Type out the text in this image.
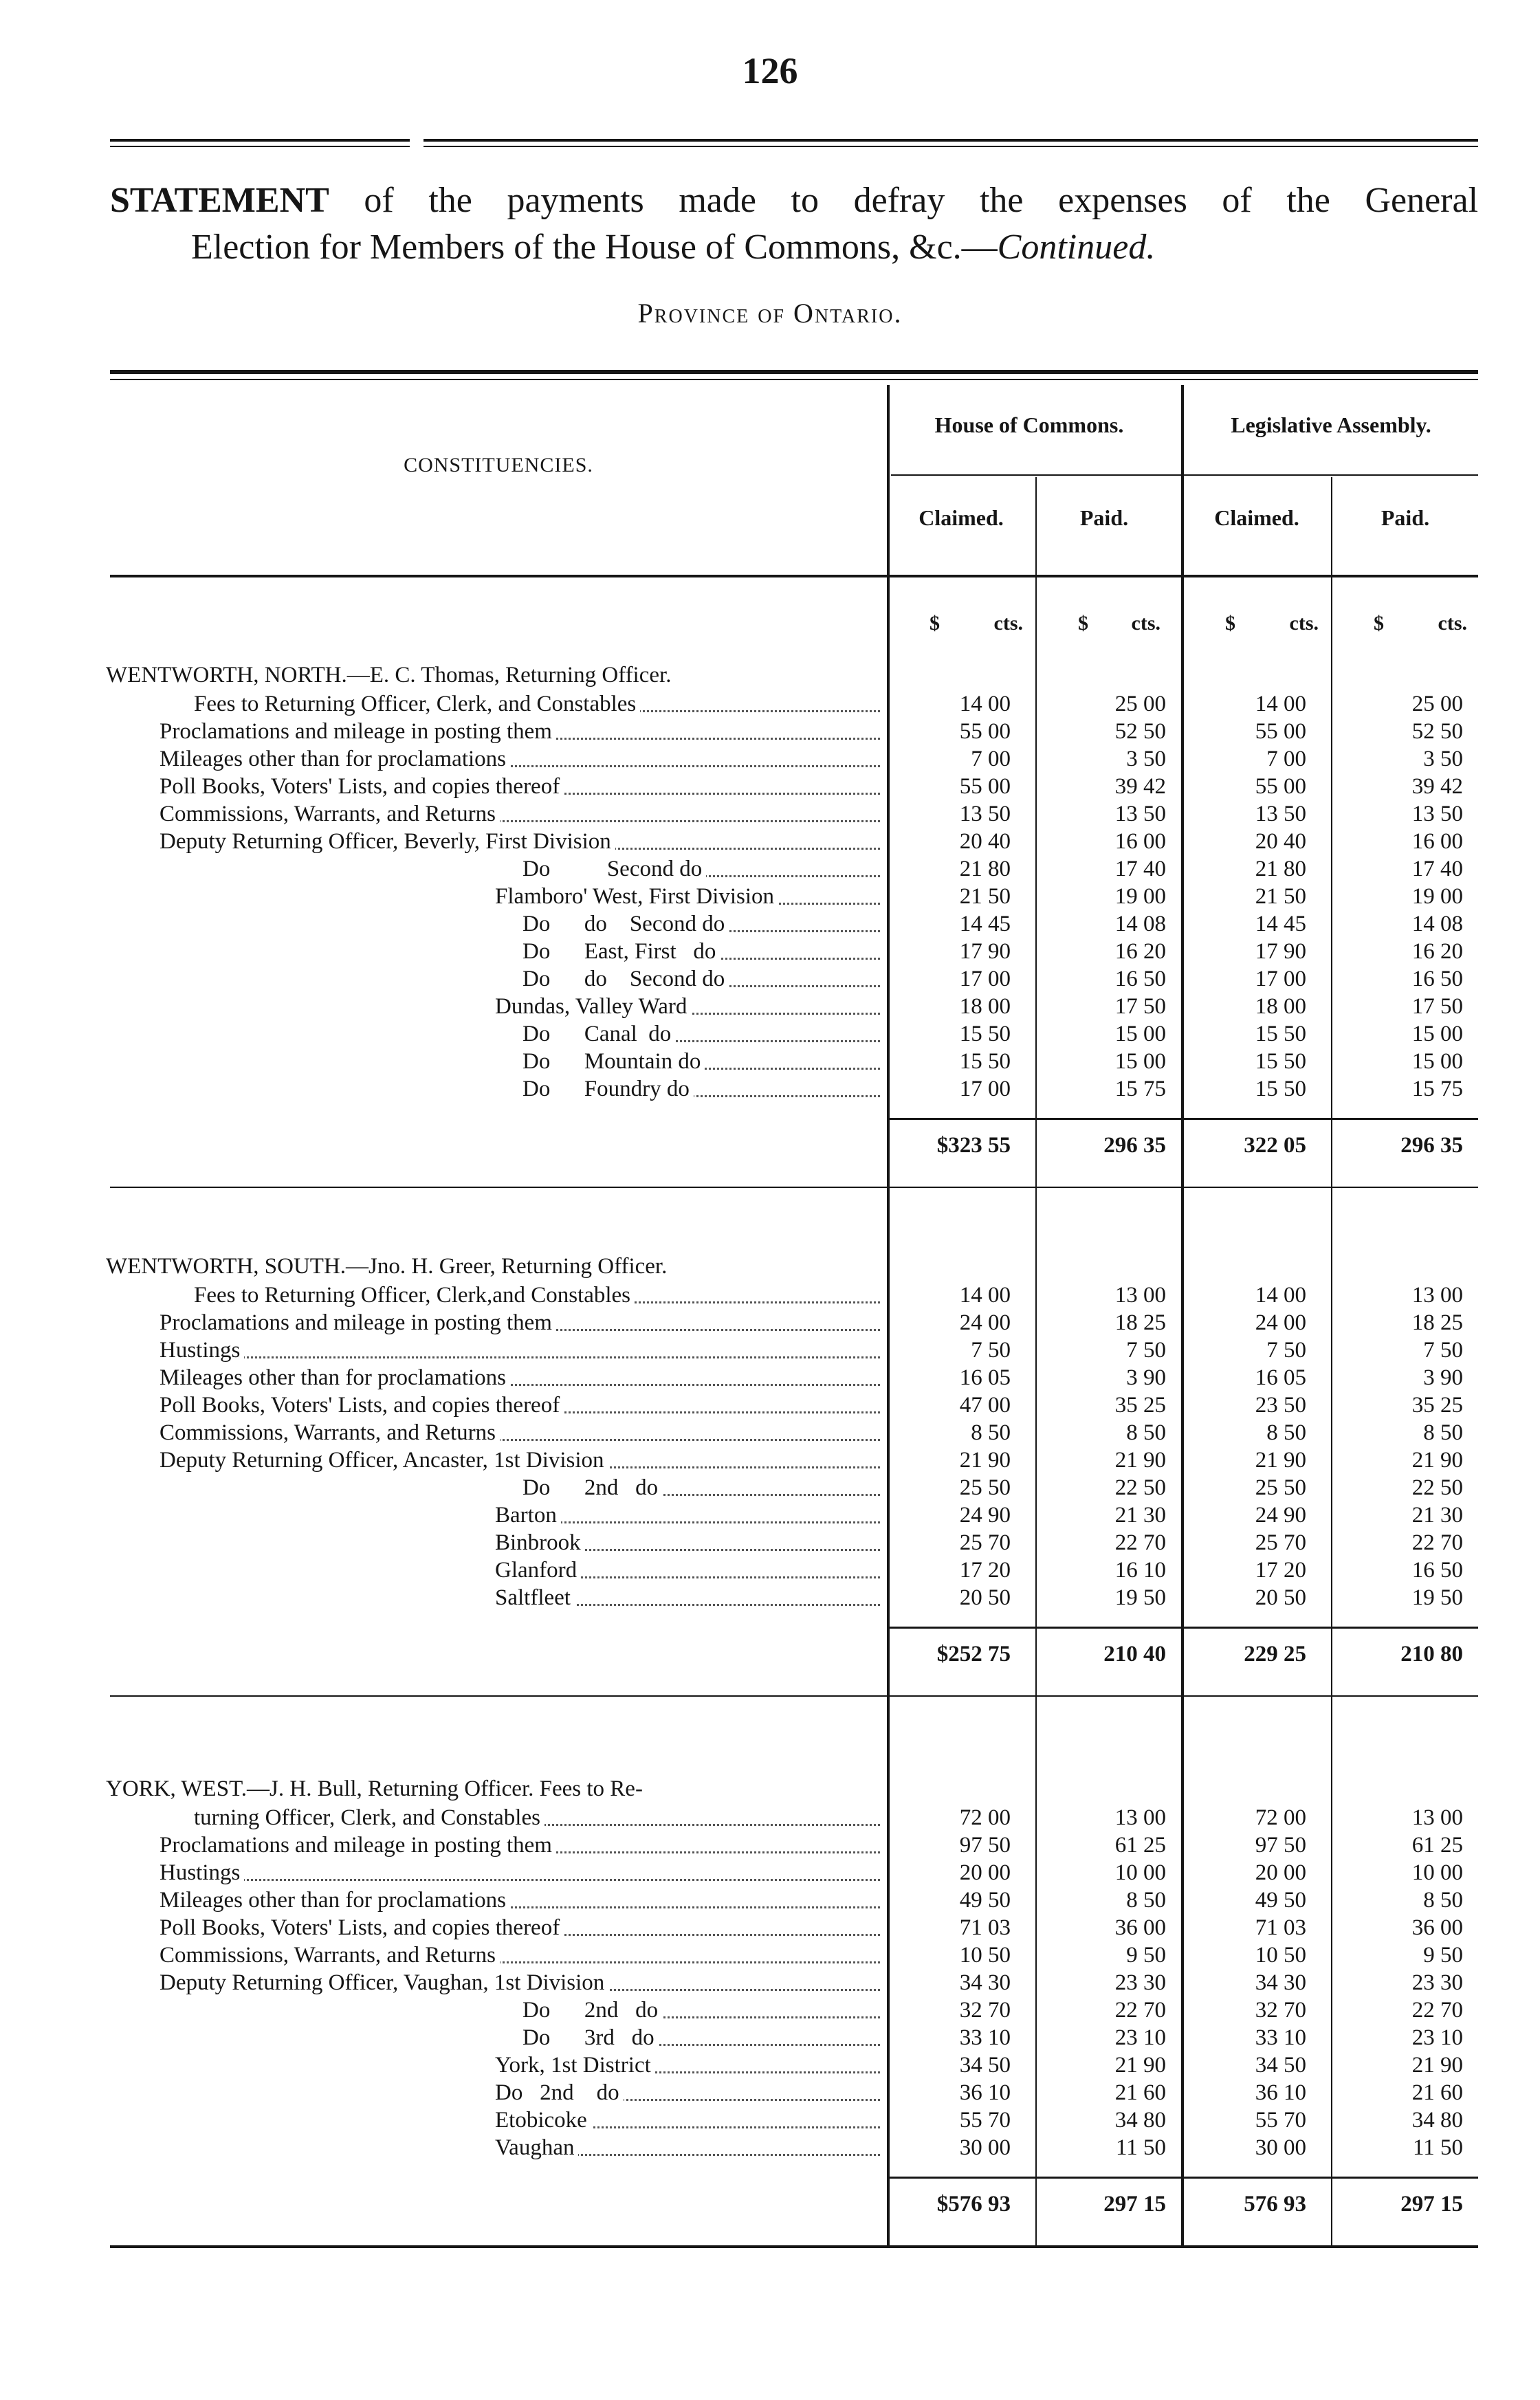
126
STATEMENT of the payments made to defray the expenses of the General
Election for Members of the House of Commons, &c.—Continued.
Province of Ontario.
CONSTITUENCIES.
House of Commons.	Legislative Assembly.
Claimed.	Paid.	Claimed.	Paid.
$	cts.	$ cts.	$	cts.	$	cts.
WENTWORTH, NORTH.—E. C. Thomas, Returning Officer.
Fees to Returning Officer, Clerk, and Constables	14 00	25 00	14 00	25 00
Proclamations and mileage in posting them	55 00	52 50	55 00	52 50
Mileages other than for proclamations	7 00	3 50	7 00	3 50
Poll Books, Voters' Lists, and copies thereof	55 00	39 42	55 00	39 42
Commissions, Warrants, and Returns	13 50	13 50	13 50	13 50
Deputy Returning Officer, Beverly, First Division	20 40	16 00	20 40	16 00
Do          Second do	21 80	17 40	21 80	17 40
Flamboro' West, First Division	21 50	19 00	21 50	19 00
Do      do    Second do	14 45	14 08	14 45	14 08
Do      East, First   do	17 90	16 20	17 90	16 20
Do      do    Second do	17 00	16 50	17 00	16 50
Dundas, Valley Ward	18 00	17 50	18 00	17 50
Do      Canal  do	15 50	15 00	15 50	15 00
Do      Mountain do	15 50	15 00	15 50	15 00
Do      Foundry do	17 00	15 75	15 50	15 75
$323 55	296 35	322 05	296 35
WENTWORTH, SOUTH.—Jno. H. Greer, Returning Officer.
Fees to Returning Officer, Clerk,and Constables	14 00	13 00	14 00	13 00
Proclamations and mileage in posting them	24 00	18 25	24 00	18 25
Hustings	7 50	7 50	7 50	7 50
Mileages other than for proclamations	16 05	3 90	16 05	3 90
Poll Books, Voters' Lists, and copies thereof	47 00	35 25	23 50	35 25
Commissions, Warrants, and Returns	8 50	8 50	8 50	8 50
Deputy Returning Officer, Ancaster, 1st Division	21 90	21 90	21 90	21 90
Do      2nd   do	25 50	22 50	25 50	22 50
Barton	24 90	21 30	24 90	21 30
Binbrook	25 70	22 70	25 70	22 70
Glanford	17 20	16 10	17 20	16 50
Saltfleet	20 50	19 50	20 50	19 50
$252 75	210 40	229 25	210 80
YORK, WEST.—J. H. Bull, Returning Officer. Fees to Re-
turning Officer, Clerk, and Constables	72 00	13 00	72 00	13 00
Proclamations and mileage in posting them	97 50	61 25	97 50	61 25
Hustings	20 00	10 00	20 00	10 00
Mileages other than for proclamations	49 50	8 50	49 50	8 50
Poll Books, Voters' Lists, and copies thereof	71 03	36 00	71 03	36 00
Commissions, Warrants, and Returns	10 50	9 50	10 50	9 50
Deputy Returning Officer, Vaughan, 1st Division	34 30	23 30	34 30	23 30
Do      2nd   do	32 70	22 70	32 70	22 70
Do      3rd   do	33 10	23 10	33 10	23 10
York, 1st District	34 50	21 90	34 50	21 90
Do   2nd    do	36 10	21 60	36 10	21 60
Etobicoke	55 70	34 80	55 70	34 80
Vaughan	30 00	11 50	30 00	11 50
$576 93	297 15	576 93	297 15
